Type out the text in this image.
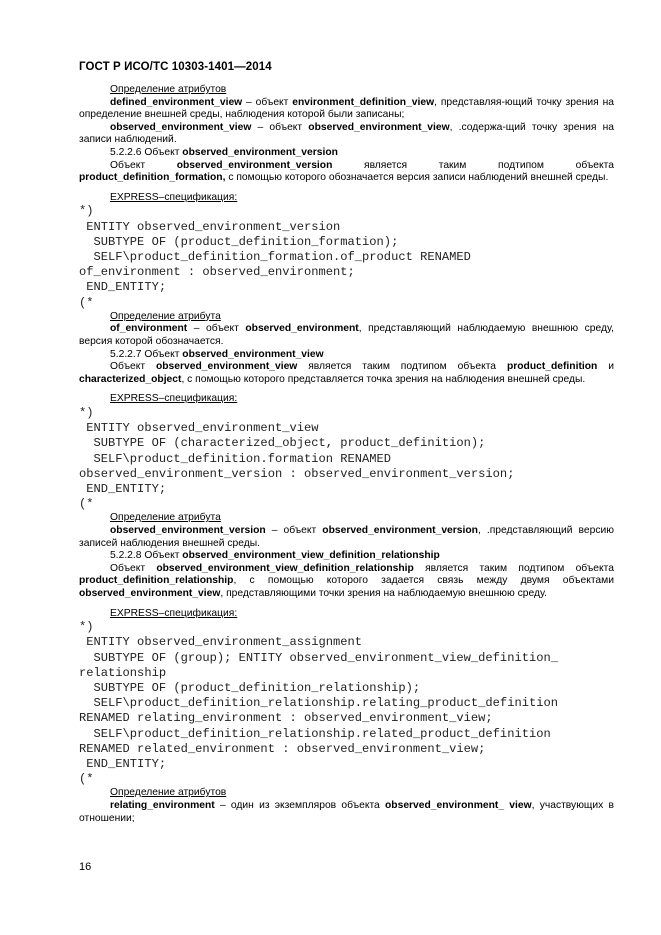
ГОСТ Р ИСО/ТС 10303-1401—2014

Определение атрибутов

defined_environment_view – объект environment_definition_view, представляя-ющий точку зрения на определение внешней среды, наблюдения которой были записаны;

observed_environment_view – объект observed_environment_view, .содержа-щий точку зрения на записи наблюдений.

5.2.2.6 Объект observed_environment_version

Объект observed_environment_version является таким подтипом объекта product_definition_formation, с помощью которого обозначается версия записи наблюдений внешней среды.

EXPRESS–спецификация:

*)
ENTITY observed_environment_version
SUBTYPE OF (product_definition_formation);
SELF\product_definition_formation.of_product RENAMED
of_environment : observed_environment;
END_ENTITY;
(*

Определение атрибута

of_environment – объект observed_environment, представляющий наблюдаемую внешнюю среду, версия которой обозначается.

5.2.2.7 Объект observed_environment_view

Объект observed_environment_view является таким подтипом объекта product_definition и characterized_object, с помощью которого представляется точка зрения на наблюдения внешней среды.

EXPRESS–спецификация:

*)
ENTITY observed_environment_view
SUBTYPE OF (characterized_object, product_definition);
SELF\product_definition.formation RENAMED
observed_environment_version : observed_environment_version;
END_ENTITY;
(*

Определение атрибута

observed_environment_version – объект observed_environment_version, .представляющий версию записей наблюдения внешней среды.

5.2.2.8 Объект observed_environment_view_definition_relationship

Объект observed_environment_view_definition_relationship является таким подтипом объекта product_definition_relationship, с помощью которого задается связь между двумя объектами observed_environment_view, представляющими точки зрения на наблюдаемую внешнюю среду.

EXPRESS–спецификация:

*)
ENTITY observed_environment_assignment
SUBTYPE OF (group); ENTITY observed_environment_view_definition_
relationship
SUBTYPE OF (product_definition_relationship);
SELF\product_definition_relationship.relating_product_definition
RENAMED relating_environment : observed_environment_view;
SELF\product_definition_relationship.related_product_definition
RENAMED related_environment : observed_environment_view;
END_ENTITY;
(*

Определение атрибутов

relating_environment – один из экземпляров объекта observed_environment_ view, участвующих в отношении;

16
